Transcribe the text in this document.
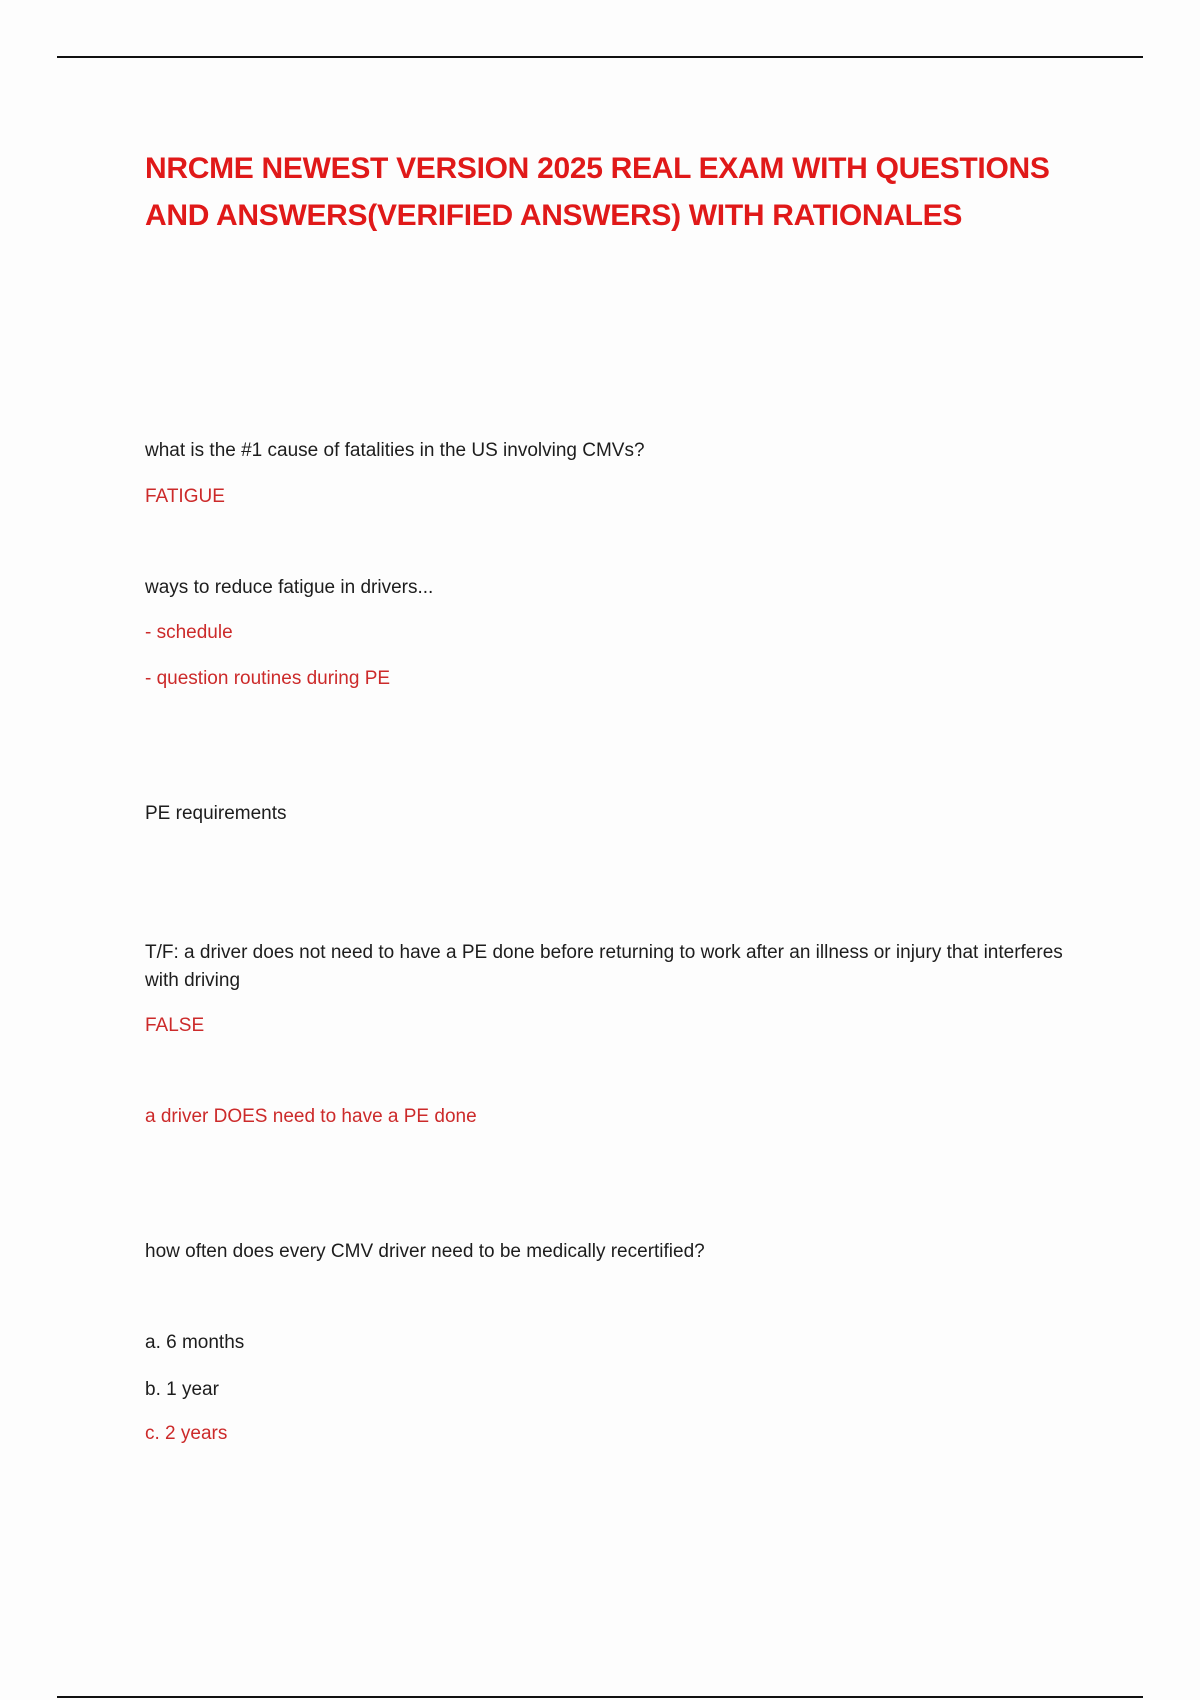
NRCME NEWEST VERSION 2025 REAL EXAM WITH QUESTIONS AND ANSWERS(VERIFIED ANSWERS) WITH RATIONALES
what is the #1 cause of fatalities in the US involving CMVs?
FATIGUE
ways to reduce fatigue in drivers...
- schedule
- question routines during PE
PE requirements
T/F: a driver does not need to have a PE done before returning to work after an illness or injury that interferes with driving
FALSE
a driver DOES need to have a PE done
how often does every CMV driver need to be medically recertified?
a. 6 months
b. 1 year
c. 2 years
